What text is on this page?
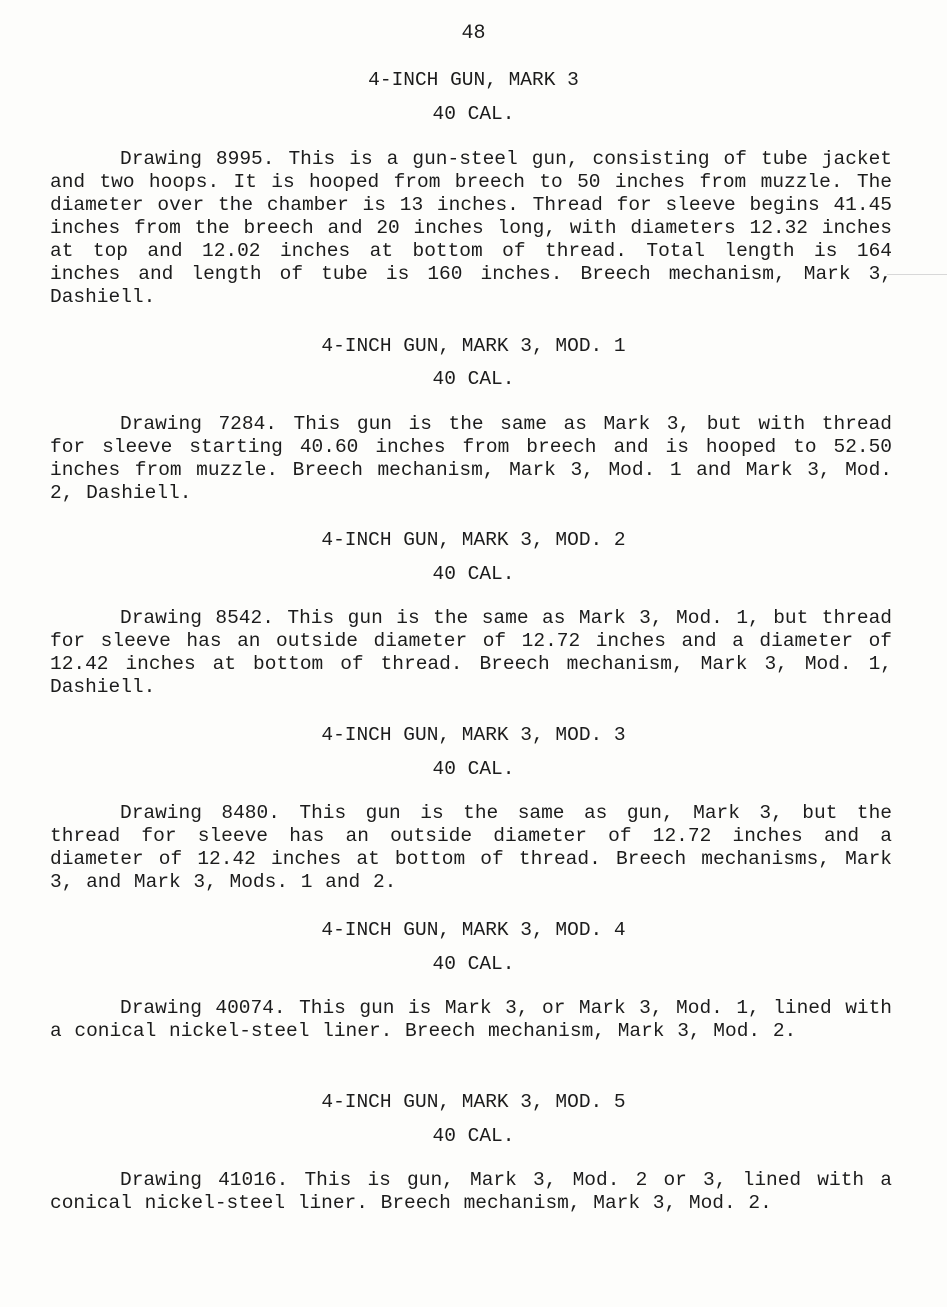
48
4-INCH GUN, MARK 3
40 CAL.
Drawing 8995. This is a gun-steel gun, consisting of tube jacket and two hoops. It is hooped from breech to 50 inches from muzzle. The diameter over the chamber is 13 inches. Thread for sleeve begins 41.45 inches from the breech and 20 inches long, with diameters 12.32 inches at top and 12.02 inches at bottom of thread. Total length is 164 inches and length of tube is 160 inches. Breech mechanism, Mark 3, Dashiell.
4-INCH GUN, MARK 3, MOD. 1
40 CAL.
Drawing 7284. This gun is the same as Mark 3, but with thread for sleeve starting 40.60 inches from breech and is hooped to 52.50 inches from muzzle. Breech mechanism, Mark 3, Mod. 1 and Mark 3, Mod. 2, Dashiell.
4-INCH GUN, MARK 3, MOD. 2
40 CAL.
Drawing 8542. This gun is the same as Mark 3, Mod. 1, but thread for sleeve has an outside diameter of 12.72 inches and a diameter of 12.42 inches at bottom of thread. Breech mechanism, Mark 3, Mod. 1, Dashiell.
4-INCH GUN, MARK 3, MOD. 3
40 CAL.
Drawing 8480. This gun is the same as gun, Mark 3, but the thread for sleeve has an outside diameter of 12.72 inches and a diameter of 12.42 inches at bottom of thread. Breech mechanisms, Mark 3, and Mark 3, Mods. 1 and 2.
4-INCH GUN, MARK 3, MOD. 4
40 CAL.
Drawing 40074. This gun is Mark 3, or Mark 3, Mod. 1, lined with a conical nickel-steel liner. Breech mechanism, Mark 3, Mod. 2.
4-INCH GUN, MARK 3, MOD. 5
40 CAL.
Drawing 41016. This is gun, Mark 3, Mod. 2 or 3, lined with a conical nickel-steel liner. Breech mechanism, Mark 3, Mod. 2.
